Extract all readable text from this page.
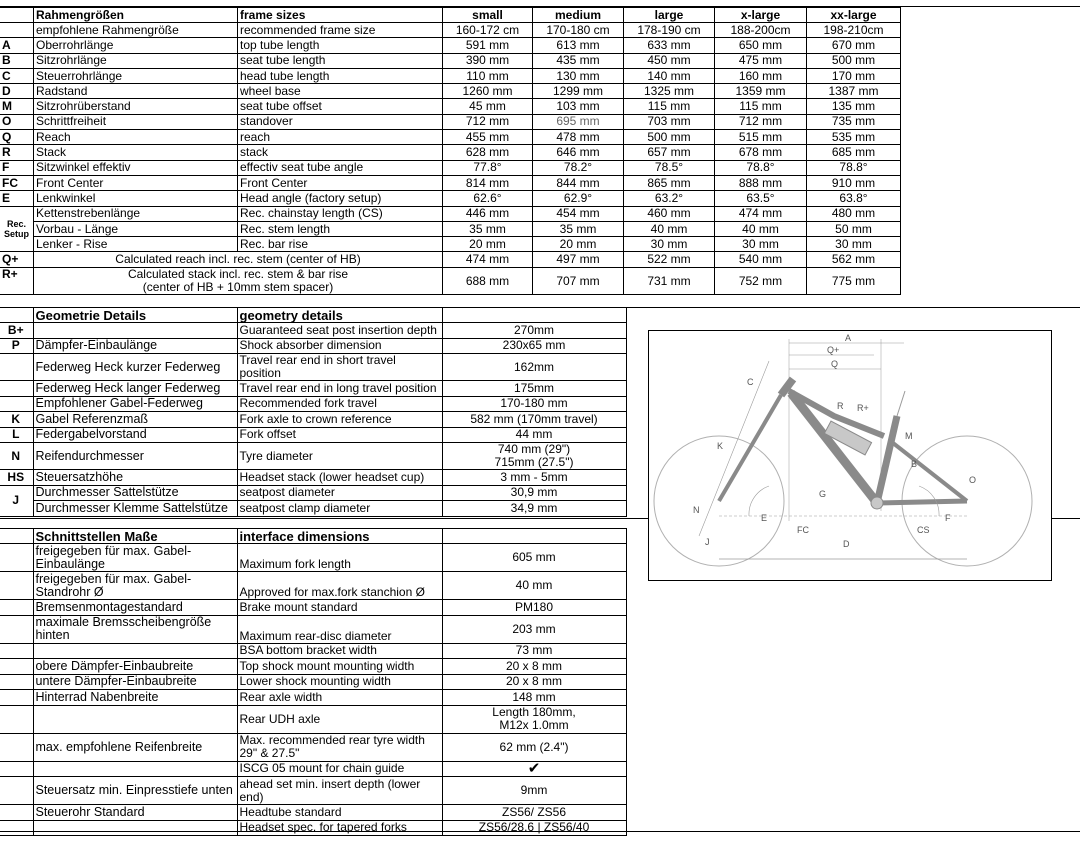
	Rahmengrößen	frame sizes	small	medium	large	x-large	xx-large
	empfohlene Rahmengröße	recommended frame size	160-172 cm	170-180 cm	178-190 cm	188-200cm	198-210cm
A	Oberrohrlänge	top tube length	591 mm	613 mm	633 mm	650 mm	670 mm
B	Sitzrohrlänge	seat tube length	390 mm	435 mm	450 mm	475 mm	500 mm
C	Steuerrohrlänge	head tube length	110 mm	130 mm	140 mm	160 mm	170 mm
D	Radstand	wheel base	1260 mm	1299 mm	1325 mm	1359 mm	1387 mm
M	Sitzrohrüberstand	seat tube offset	45 mm	103 mm	115 mm	115 mm	135 mm
O	Schrittfreiheit	standover	712 mm	695 mm	703 mm	712 mm	735 mm
Q	Reach	reach	455 mm	478 mm	500 mm	515 mm	535 mm
R	Stack	stack	628 mm	646 mm	657 mm	678 mm	685 mm
F	Sitzwinkel effektiv	effectiv seat tube angle	77.8°	78.2°	78.5°	78.8°	78.8°
FC	Front Center	Front Center	814 mm	844 mm	865 mm	888 mm	910 mm
E	Lenkwinkel	Head angle (factory setup)	62.6°	62.9°	63.2°	63.5°	63.8°
Rec. Setup	Kettenstrebenlänge	Rec. chainstay length (CS)	446 mm	454 mm	460 mm	474 mm	480 mm
	Vorbau - Länge	Rec. stem length	35 mm	35 mm	40 mm	40 mm	50 mm
	Lenker - Rise	Rec. bar rise	20 mm	20 mm	30 mm	30 mm	30 mm
Q+	Calculated reach incl. rec. stem (center of HB)		474 mm	497 mm	522 mm	540 mm	562 mm
R+	Calculated stack incl. rec. stem & bar rise
(center of HB + 10mm stem spacer)		688 mm	707 mm	731 mm	752 mm	775 mm
	Geometrie Details	geometry details	
B+		Guaranteed seat post insertion depth	270mm
P	Dämpfer-Einbaulänge	Shock absorber dimension	230x65 mm
	Federweg Heck kurzer Federweg	Travel rear end in short travel position	162mm
	Federweg Heck langer Federweg	Travel rear end in long travel position	175mm
	Empfohlener Gabel-Federweg	Recommended fork travel	170-180 mm
K	Gabel Referenzmaß	Fork axle to crown reference	582 mm (170mm travel)
L	Federgabelvorstand	Fork offset	44 mm
N	Reifendurchmesser	Tyre diameter	740 mm (29")
715mm (27.5")
HS	Steuersatzhöhe	Headset stack (lower headset cup)	3 mm - 5mm
J	Durchmesser Sattelstütze	seatpost diameter	30,9 mm
	Durchmesser Klemme Sattelstütze	seatpost clamp diameter	34,9 mm
	Schnittstellen Maße	interface dimensions	
	freigegeben für max. Gabel-Einbaulänge	Maximum fork length	605 mm
	freigegeben für max. Gabel-Standrohr Ø	Approved for max.fork stanchion Ø	40 mm
	Bremsenmontagestandard	Brake mount standard	PM180
	maximale Bremsscheibengröße hinten	Maximum rear-disc diameter	203 mm
		BSA bottom bracket width	73 mm
	obere Dämpfer-Einbaubreite	Top shock mount mounting width	20 x 8 mm
	untere Dämpfer-Einbaubreite	Lower shock mounting width	20 x 8 mm
	Hinterrad Nabenbreite	Rear axle width	148 mm
		Rear UDH axle	Length 180mm,
M12x 1.0mm
	max. empfohlene Reifenbreite	Max. recommended rear tyre width 29" & 27.5"	62 mm (2.4")
		ISCG 05 mount for chain guide	✔
	Steuersatz min. Einpresstiefe unten	ahead set min. insert depth (lower end)	9mm
	Steuerohr Standard	Headtube standard	ZS56/ ZS56
		Headset spec. for tapered forks	ZS56/28.6 | ZS56/40
A
Q+
Q
C
R R+
M
K
B
O
G
N
E
J
F
FC	CS
D
